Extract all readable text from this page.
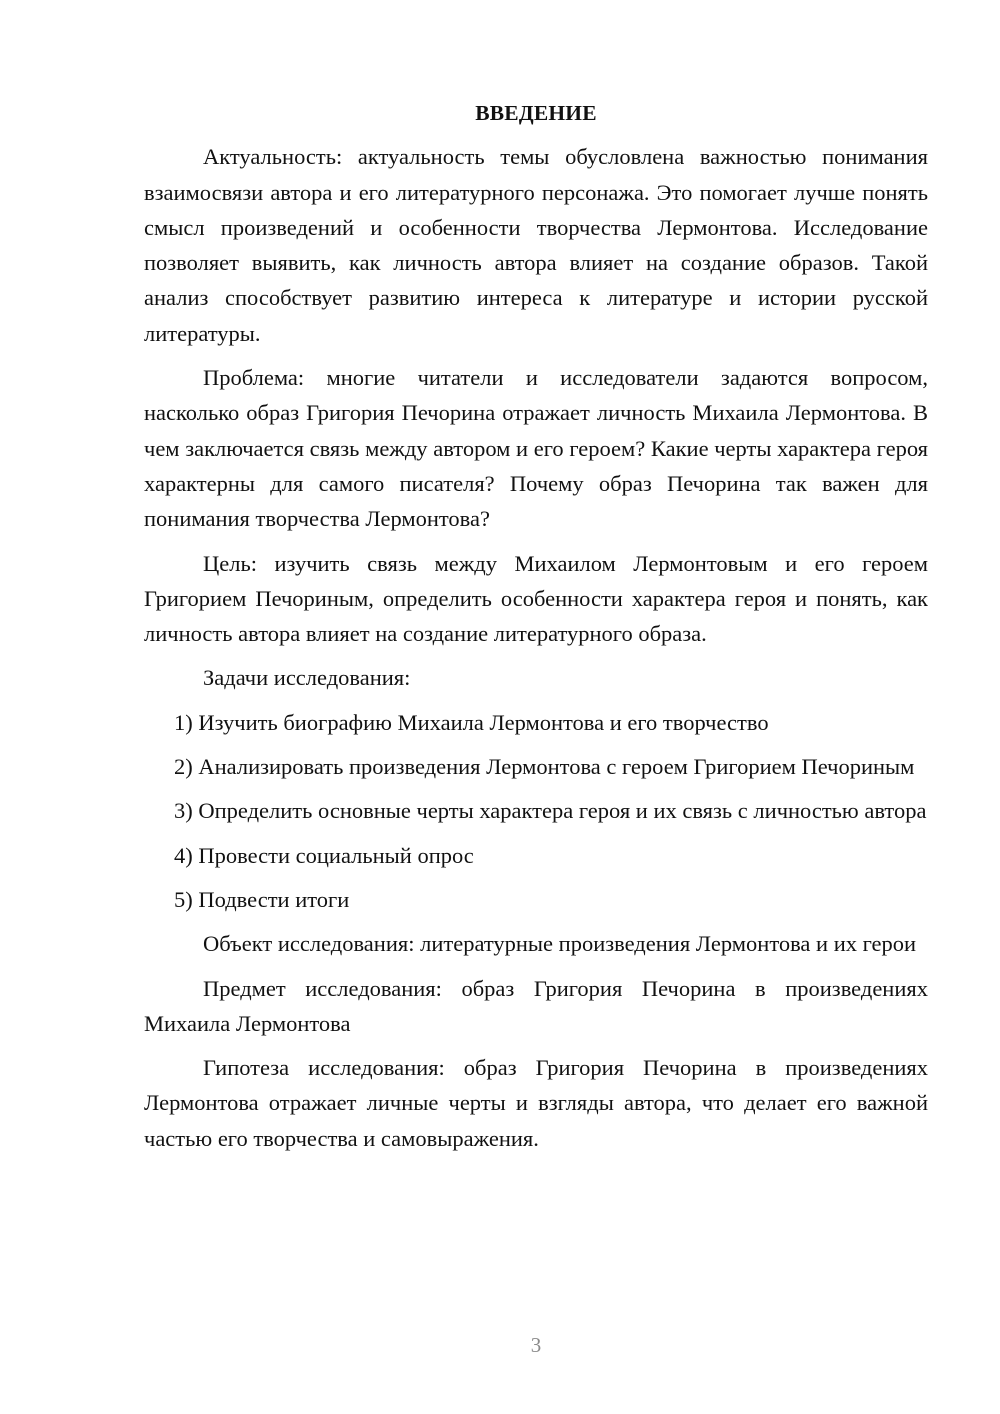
ВВЕДЕНИЕ

Актуальность: актуальность темы обусловлена важностью понимания взаимосвязи автора и его литературного персонажа. Это помогает лучше понять смысл произведений и особенности творчества Лермонтова. Исследование позволяет выявить, как личность автора влияет на создание образов. Такой анализ способствует развитию интереса к литературе и истории русской литературы.

Проблема: многие читатели и исследователи задаются вопросом, насколько образ Григория Печорина отражает личность Михаила Лермонтова. В чем заключается связь между автором и его героем? Какие черты характера героя характерны для самого писателя? Почему образ Печорина так важен для понимания творчества Лермонтова?

Цель: изучить связь между Михаилом Лермонтовым и его героем Григорием Печориным, определить особенности характера героя и понять, как личность автора влияет на создание литературного образа.

Задачи исследования:

1) Изучить биографию Михаила Лермонтова и его творчество

2) Анализировать произведения Лермонтова с героем Григорием Печориным

3) Определить основные черты характера героя и их связь с личностью автора

4) Провести социальный опрос

5) Подвести итоги

Объект исследования: литературные произведения Лермонтова и их герои

Предмет исследования: образ Григория Печорина в произведениях Михаила Лермонтова

Гипотеза исследования: образ Григория Печорина в произведениях Лермонтова отражает личные черты и взгляды автора, что делает его важной частью его творчества и самовыражения.

3
